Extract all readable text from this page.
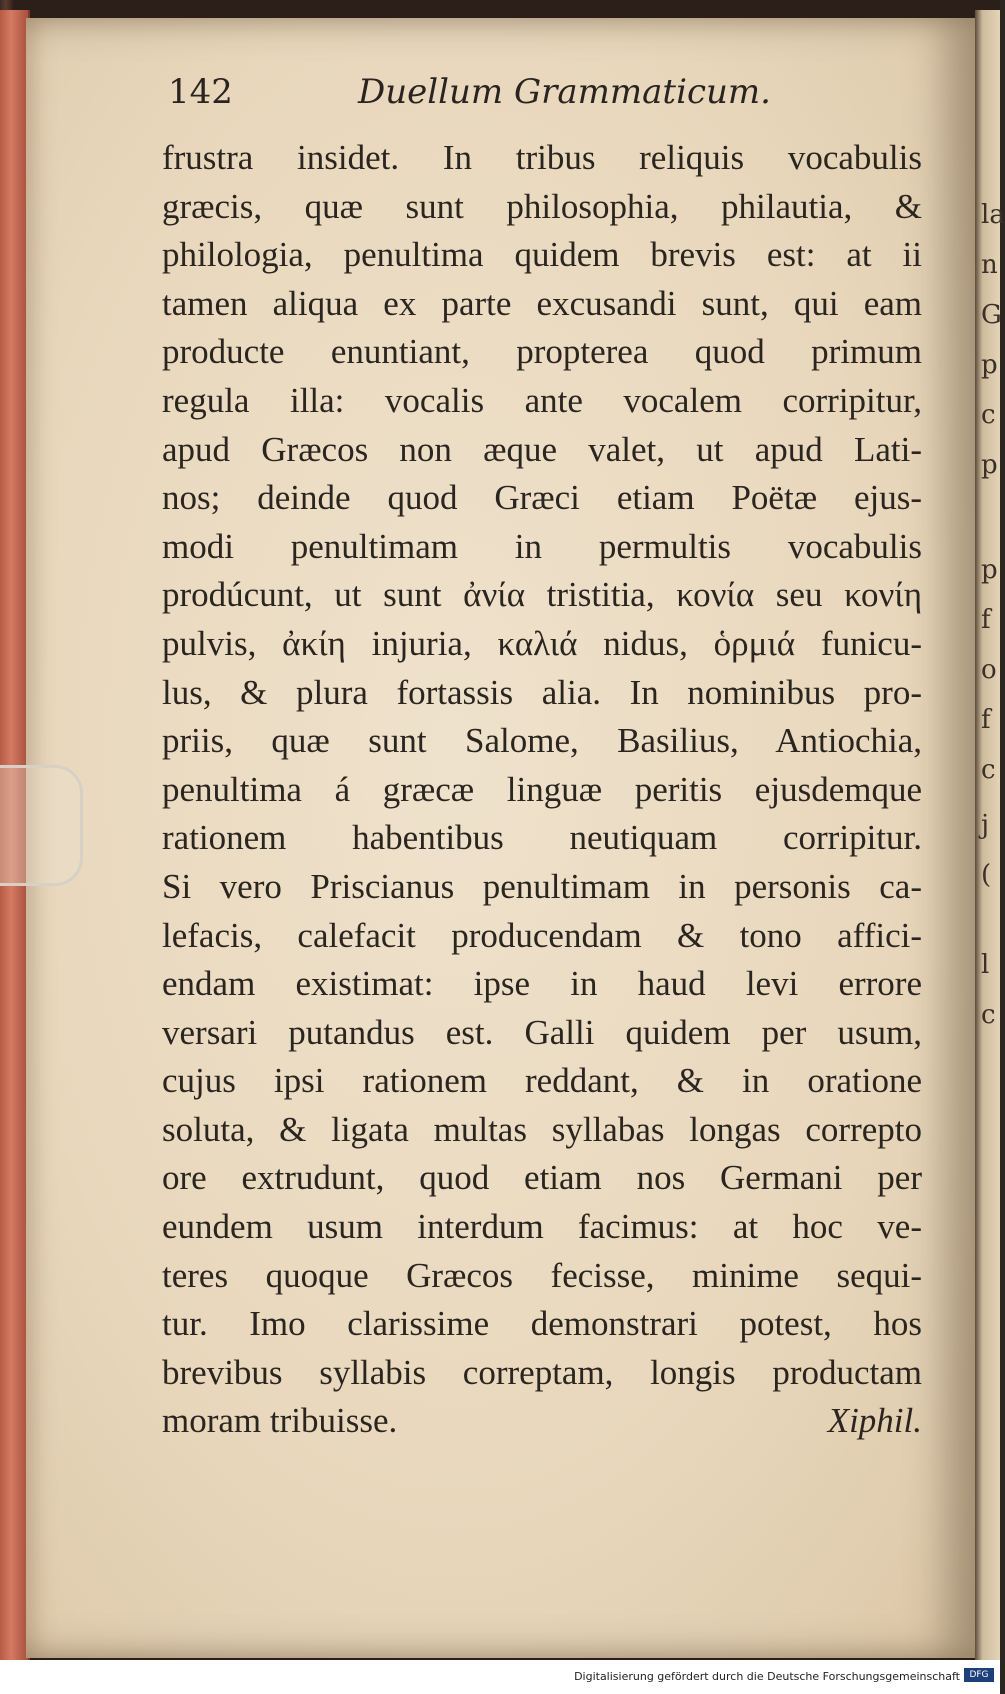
la
n
G
p
c
p
p
f
o
f
c
j
(
l
c
142	Duellum Grammaticum.
frustra insidet. In tribus reliquis vocabulis
græcis, quæ sunt philosophia, philautia, &
philologia, penultima quidem brevis est: at ii
tamen aliqua ex parte excusandi sunt, qui eam
producte enuntiant, propterea quod primum
regula illa: vocalis ante vocalem corripitur,
apud Græcos non æque valet, ut apud Lati-
nos; deinde quod Græci etiam Poëtæ ejus-
modi penultimam in permultis vocabulis
prodúcunt, ut sunt ἀνία tristitia, κονία seu κονίη
pulvis, ἀκίη injuria, καλιά nidus, ὁρμιά funicu-
lus, & plura fortassis alia. In nominibus pro-
priis, quæ sunt Salome, Basilius, Antiochia,
penultima á græcæ linguæ peritis ejusdemque
rationem habentibus neutiquam corripitur.
Si vero Priscianus penultimam in personis ca-
lefacis, calefacit producendam & tono affici-
endam existimat: ipse in haud levi errore
versari putandus est. Galli quidem per usum,
cujus ipsi rationem reddant, & in oratione
soluta, & ligata multas syllabas longas correpto
ore extrudunt, quod etiam nos Germani per
eundem usum interdum facimus: at hoc ve-
teres quoque Græcos fecisse, minime sequi-
tur. Imo clarissime demonstrari potest, hos
brevibus syllabis correptam, longis productam
moram tribuisse.	Xiphil.
Digitalisierung gefördert durch die Deutsche Forschungsgemeinschaft	DFG
